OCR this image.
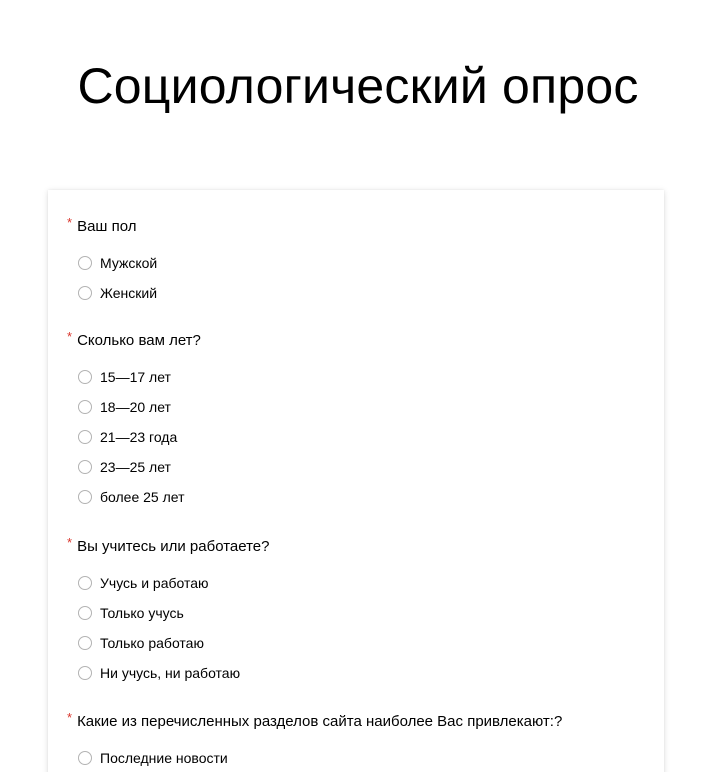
Социологический опрос
* Ваш пол
Мужской
Женский
* Сколько вам лет?
15—17 лет
18—20 лет
21—23 года
23—25 лет
более 25 лет
* Вы учитесь или работаете?
Учусь и работаю
Только учусь
Только работаю
Ни учусь, ни работаю
* Какие из перечисленных разделов сайта наиболее Вас привлекают:?
Последние новости
